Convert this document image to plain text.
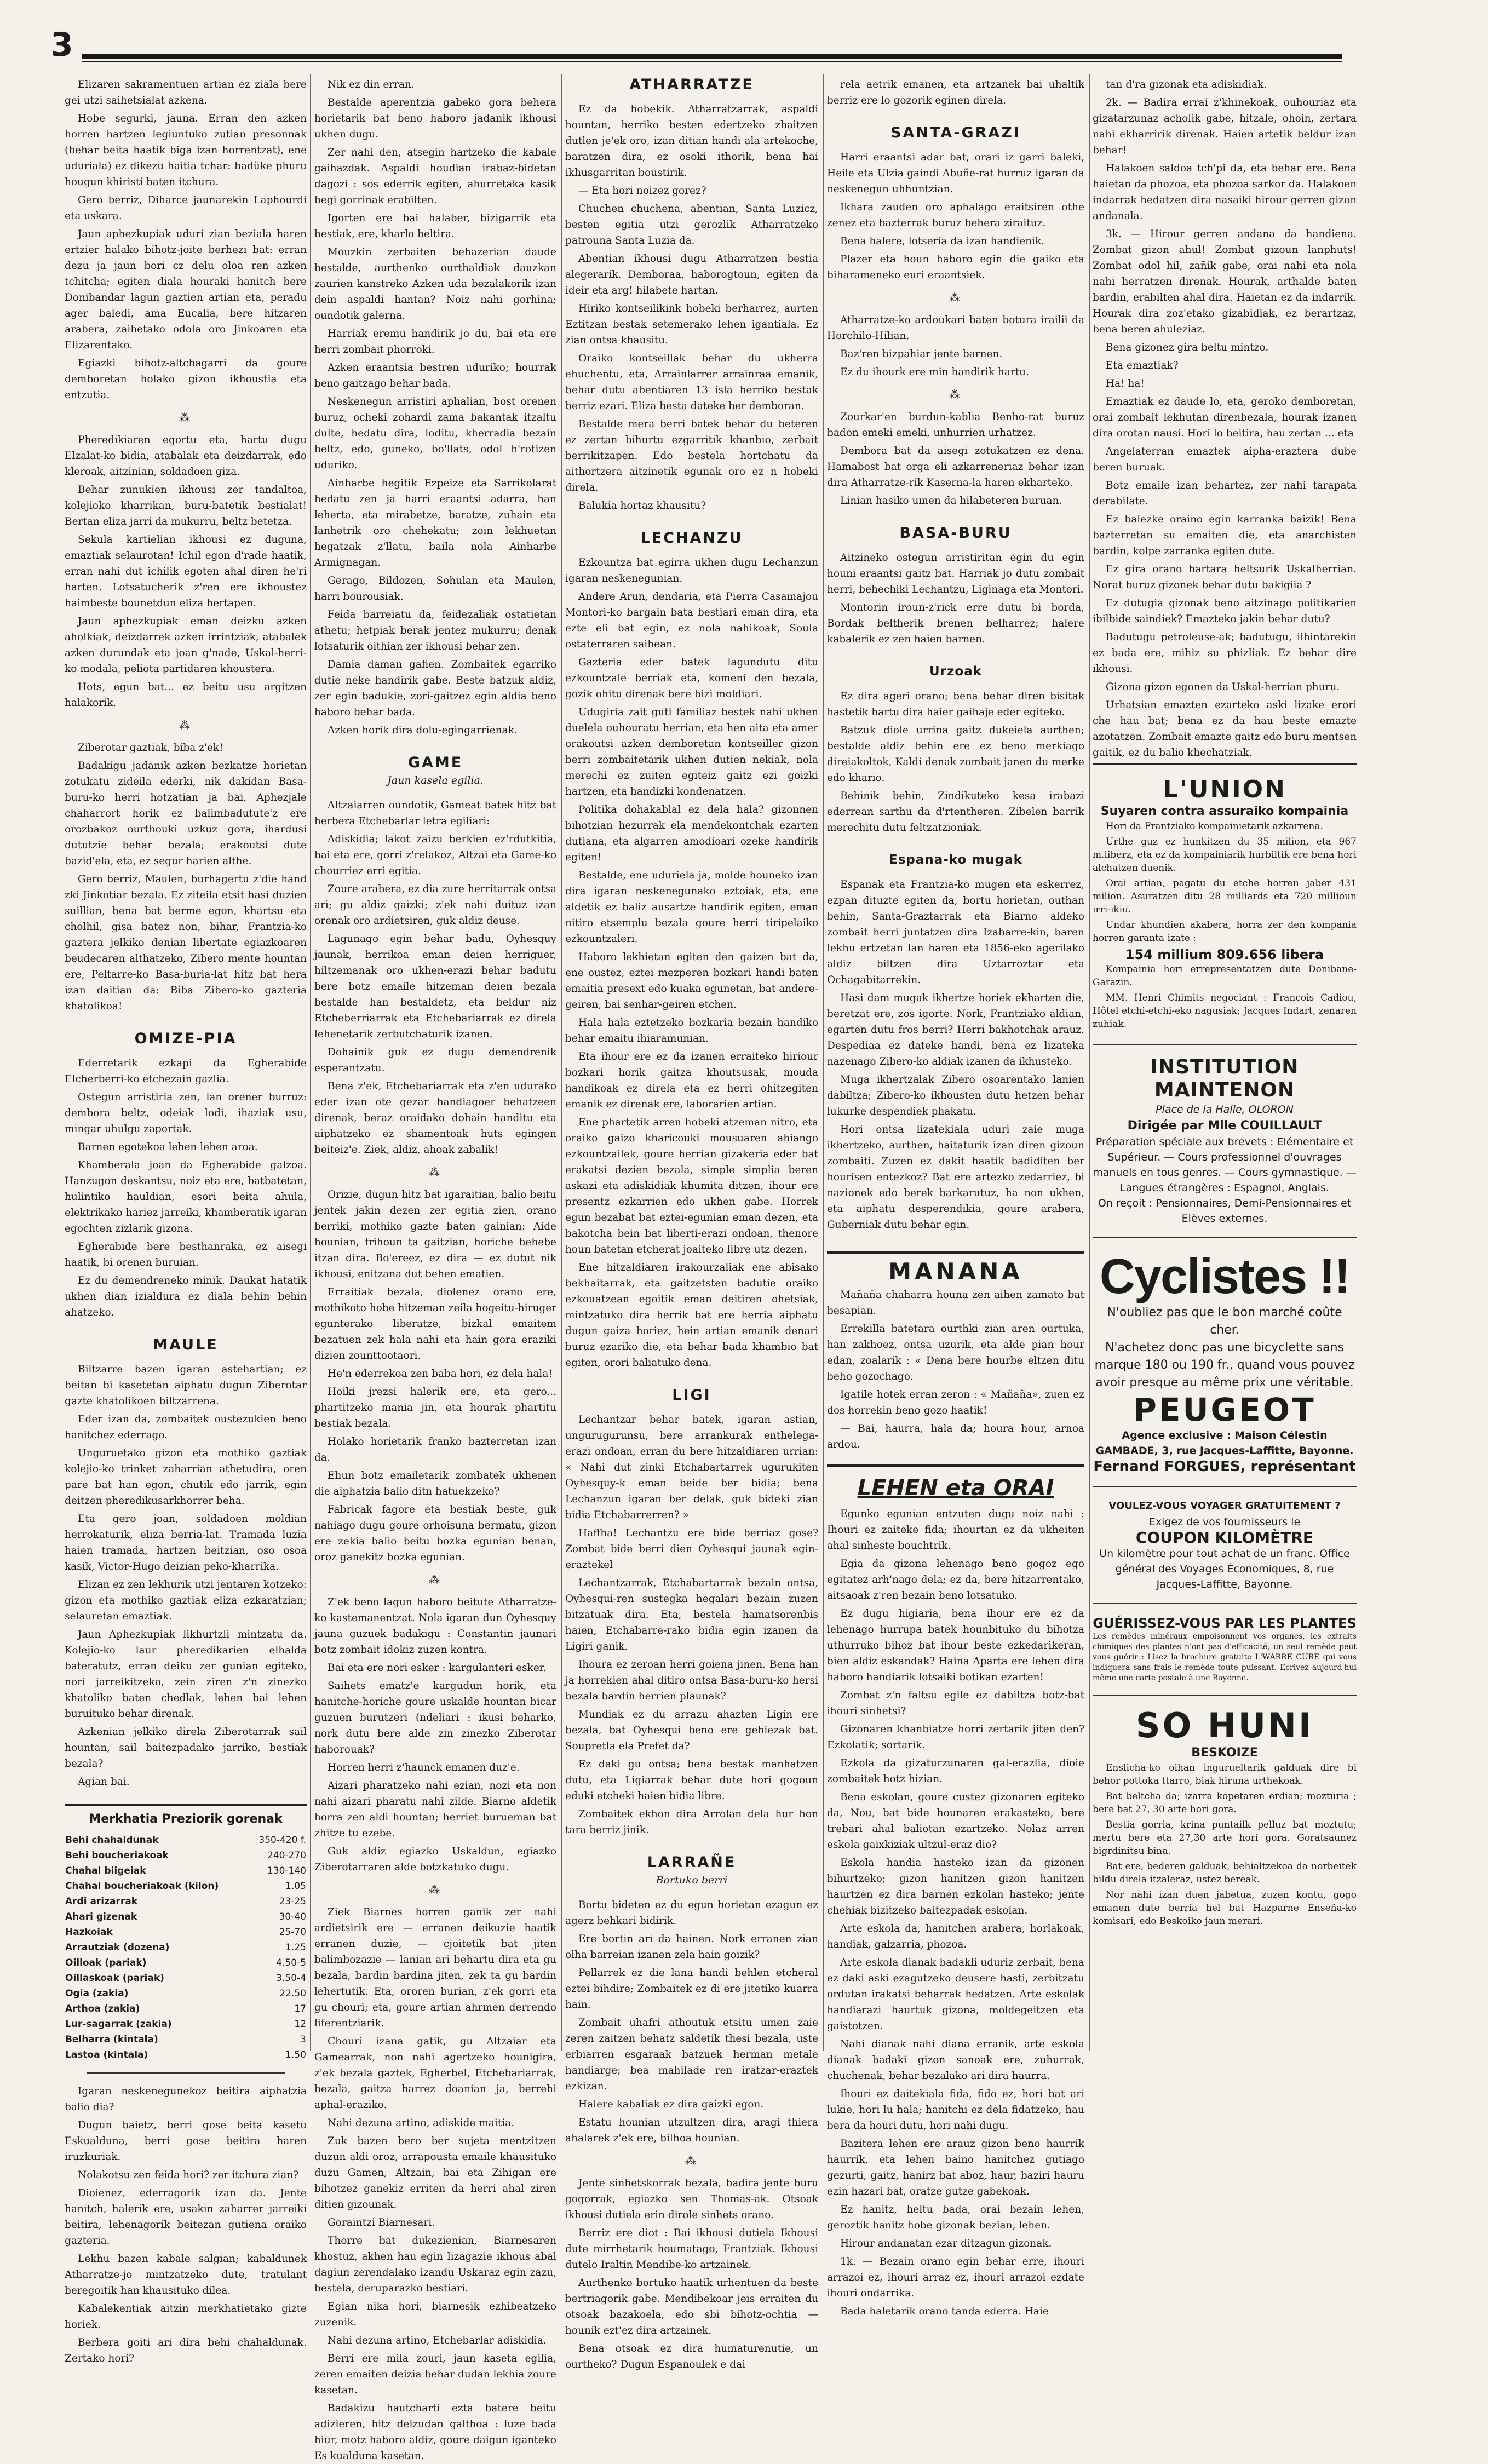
3

Elizaren sakramentuen artian ez ziala bere gei utzi saihetsialat azkena.

Hobe segurki, jauna. Erran den azken horren hartzen legiuntuko zutian presonnak (behar beita haatik biga izan horrentzat), ene uduriala) ez dikezu haitia tchar: badüke phuru hougun khiristi baten itchura.

Gero berriz, Diharce jaunarekin Laphourdi eta uskara.

Jaun aphezkupiak uduri zian beziala haren ertzier halako bihotz-joite berhezi bat: erran dezu ja jaun bori cz delu oloa ren azken tchitcha; egiten diala houraki hanitch bere Donibandar lagun gaztien artian eta, peradu ager baledi, ama Eucalia, bere hitzaren arabera, zaihetako odola oro Jinkoaren eta Elizarentako.

Egiazki bihotz-altchagarri da goure demboretan holako gizon ikhoustia eta entzutia.

⁂

Pheredikiaren egortu eta, hartu dugu Elzalat-ko bidia, atabalak eta deizdarrak, edo kleroak, aitzinian, soldadoen giza.

Behar zunukien ikhousi zer tandaltoa, kolejioko kharrikan, buru-batetik bestialat! Bertan eliza jarri da mukurru, beltz betetza.

Sekula kartielian ikhousi ez duguna, emaztiak selaurotan! Ichil egon d'rade haatik, erran nahi dut ichilik egoten ahal diren he'ri harten. Lotsatucherik z'ren ere ikhoustez haimbeste bounetdun eliza hertapen.

Jaun aphezkupiak eman deizku azken aholkiak, deizdarrek azken irrintziak, atabalek azken durundak eta joan g'nade, Uskal-herri-ko modala, peliota partidaren khoustera.

Hots, egun bat... ez beitu usu argitzen halakorik.

⁂

Ziberotar gaztiak, biba z'ek!

Badakigu jadanik azken bezkatze horietan zotukatu zideila ederki, nik dakidan Basa-buru-ko herri hotzatian ja bai. Aphezjale chaharrort horik ez balimbadutute'z ere orozbakoz ourthouki uzkuz gora, ihardusi dututzie behar bezala; erakoutsi dute bazid'ela, eta, ez segur harien althe.

Gero berriz, Maulen, burhagertu z'die hand zki Jinkotiar bezala. Ez ziteila etsit hasi duzien suillian, bena bat berme egon, khartsu eta cholhil, gisa batez non, bihar, Frantzia-ko gaztera jelkiko denian libertate egiazkoaren beudecaren althatzeko, Zibero mente hountan ere, Peltarre-ko Basa-buria-lat hitz bat hera izan daitian da: Biba Zibero-ko gazteria khatolikoa!

OMIZE-PIA

Ederretarik ezkapi da Egherabide Elcherberri-ko etchezain gazlia.

Ostegun arristiria zen, lan orener burruz: dembora beltz, odeiak lodi, ihaziak usu, mingar uhulgu zaportak.

Barnen egotekoa lehen lehen aroa.

Khamberala joan da Egherabide galzoa. Hanzugon deskantsu, noiz eta ere, batbatetan, hulintiko hauldian, esori beita ahula, elektrikako hariez jarreiki, khamberatik igaran egochten zizlarik gizona.

Egherabide bere besthanraka, ez aisegi haatik, bi orenen buruian.

Ez du demendreneko minik. Daukat hatatik ukhen dian izialdura ez diala behin behin ahatzeko.

MAULE

Biltzarre bazen igaran astehartian; ez beitan bi kasetetan aiphatu dugun Ziberotar gazte khatolikoen biltzarrena.

Eder izan da, zombaitek oustezukien beno hanitchez ederrago.

Unguruetako gizon eta mothiko gaztiak kolejio-ko trinket zaharrian athetudira, oren pare bat han egon, chutik edo jarrik, egin deitzen pheredikusarkhorrer beha.

Eta gero joan, soldadoen moldian herrokaturik, eliza berria-lat. Tramada luzia haien tramada, hartzen beitzian, oso osoa kasik, Victor-Hugo deizian peko-kharrika.

Elizan ez zen lekhurik utzi jentaren kotzeko: gizon eta mothiko gaztiak eliza ezkaratzian; selauretan emaztiak.

Jaun Aphezkupiak likhurtzli mintzatu da. Kolejio-ko laur pheredikarien elhalda bateratutz, erran deiku zer gunian egiteko, nori jarreikitzeko, zein ziren z'n zinezko khatoliko baten chedlak, lehen bai lehen buruituko behar direnak.

Azkenian jelkiko direla Ziberotarrak sail hountan, sail baitezpadako jarriko, bestiak bezala?

Agian bai.

Merkhatia Preziorik gorenak
Behi chahaldunak	350-420 f.
Behi boucheriakoak	240-270
Chahal biigeiak	130-140
Chahal boucheriakoak (kilon)	1.05
Ardi arizarrak	23-25
Ahari gizenak	30-40
Hazkoiak	25-70
Arrautziak (dozena)	1.25
Oilloak (pariak)	4.50-5
Oillaskoak (pariak)	3.50-4
Ogia (zakia)	22.50
Arthoa (zakia)	17
Lur-sagarrak (zakia)	12
Belharra (kintala)	3
Lastoa (kintala)	1.50

Igaran neskenegunekoz beitira aiphatzia balio dia?

Dugun baietz, berri gose beita kasetu Eskualduna, berri gose beitira haren iruzkuriak.

Nolakotsu zen feida hori? zer itchura zian?

Dioienez, ederragorik izan da. Jente hanitch, halerik ere, usakin zaharrer jarreiki beitira, lehenagorik beitezan gutiena oraiko gazteria.

Lekhu bazen kabale salgian; kabaldunek Atharratze-jo mintzatzeko dute, tratulant beregoitik han khausituko dilea.

Kabalekentiak aitzin merkhatietako gizte horiek.

Berbera goiti ari dira behi chahaldunak. Zertako hori?

Nik ez din erran.

Bestalde aperentzia gabeko gora behera horietarik bat beno haboro jadanik ikhousi ukhen dugu.

Zer nahi den, atsegin hartzeko die kabale gaihazdak. Aspaldi houdian irabaz-bidetan dagozi : sos ederrik egiten, ahurretaka kasik begi gorrinak erabilten.

Igorten ere bai halaber, bizigarrik eta bestiak, ere, kharlo beltira.

Mouzkin zerbaiten behazerian daude bestalde, aurthenko ourthaldiak dauzkan zaurien kanstreko Azken uda bezalakorik izan dein aspaldi hantan? Noiz nahi gorhina; oundotik galerna.

Harriak eremu handirik jo du, bai eta ere herri zombait phorroki.

Azken eraantsia bestren uduriko; hourrak beno gaitzago behar bada.

Neskenegun arristiri aphalian, bost orenen buruz, ocheki zohardi zama bakantak itzaltu dulte, hedatu dira, loditu, kherradia bezain beltz, edo, guneko, bo'llats, odol h'rotizen uduriko.

Ainharbe hegitik Ezpeize eta Sarrikolarat hedatu zen ja harri eraantsi adarra, han leherta, eta mirabetze, baratze, zuhain eta lanhetrik oro chehekatu; zoin lekhuetan hegatzak z'llatu, baila nola Ainharbe Armignagan.

Gerago, Bildozen, Sohulan eta Maulen, harri bourousiak.

Feida barreiatu da, feidezaliak ostatietan athetu; hetpiak berak jentez mukurru; denak lotsaturik oithian zer ikhousi behar zen.

Damia daman gafien. Zombaitek egarriko dutie neke handirik gabe. Beste batzuk aldiz, zer egin badukie, zori-gaitzez egin aldia beno haboro behar bada.

Azken horik dira dolu-egingarrienak.

GAME
Jaun kasela egilia.

Altzaiarren oundotik, Gameat batek hitz bat herbera Etchebarlar letra egiliari:

Adiskidia; lakot zaizu berkien ez'rdutkitia, bai eta ere, gorri z'relakoz, Altzai eta Game-ko chourriez erri egitia.

Zoure arabera, ez dia zure herritarrak ontsa ari; gu aldiz gaizki; z'ek nahi duituz izan orenak oro ardietsiren, guk aldiz deuse.

Lagunago egin behar badu, Oyhesquy jaunak, herrikoa eman deien herriguer, hiltzemanak oro ukhen-erazi behar badutu bere botz emaile hitzeman deien bezala bestalde han bestaldetz, eta beldur niz Etcheberriarrak eta Etchebariarrak ez direla lehenetarik zerbutchaturik izanen.

Dohainik guk ez dugu demendrenik esperantzatu.

Bena z'ek, Etchebariarrak eta z'en udurako eder izan ote gezar handiagoer behatzeen direnak, beraz oraidako dohain handitu eta aiphatzeko ez shamentoak huts egingen beiteiz'e. Ziek, aldiz, ahoak zabalik!

⁂

Orizie, dugun hitz bat igaraitian, balio beitu jentek jakin dezen zer egitia zien, orano berriki, mothiko gazte baten gainian: Aide hounian, frihoun ta gaitzian, horiche behebe itzan dira. Bo'ereez, ez dira — ez dutut nik ikhousi, enitzana dut behen ematien.

Erraitiak bezala, diolenez orano ere, mothikoto hobe hitzeman zeila hogeitu-hiruger egunterako liberatze, bizkal emaitem bezatuen zek hala nahi eta hain gora eraziki dizien zounttootaori.

He'n ederrekoa zen baba hori, ez dela hala!

Hoiki jrezsi halerik ere, eta gero... phartitzeko mania jin, eta hourak phartitu bestiak bezala.

Holako horietarik franko bazterretan izan da.

Ehun botz emailetarik zombatek ukhenen die aiphatzia balio ditn hatuekzeko?

Fabricak fagore eta bestiak beste, guk nahiago dugu goure orhoisuna bermatu, gizon ere zekia balio beitu bozka egunian benan, oroz ganekitz bozka egunian.

⁂

Z'ek beno lagun haboro beitute Atharratze-ko kastemanentzat. Nola igaran dun Oyhesquy jauna guzuek badakigu : Constantin jaunari botz zombait idokiz zuzen kontra.

Bai eta ere nori esker : kargulanteri esker.

Saihets ematz'e kargudun horik, eta hanitche-horiche goure uskalde hountan bicar guzuen burutzeri (ndeliari : ikusi beharko, nork dutu bere alde zin zinezko Ziberotar haborouak?

Horren herri z'haunck emanen duz'e.

Aizari pharatzeko nahi ezian, nozi eta non nahi aizari pharatu nahi zilde. Biarno aldetik horra zen aldi hountan; herriet burueman bat zhitze tu ezebe.

Guk aldiz egiazko Uskaldun, egiazko Ziberotarraren alde botzkatuko dugu.

⁂

Ziek Biarnes horren ganik zer nahi ardietsirik ere — erranen deikuzie haatik erranen duzie, — cjoitetik bat jiten balimbozazie — lanian ari behartu dira eta gu bezala, bardin bardina jiten, zek ta gu bardin lehertutik. Eta, ororen burian, z'ek gorri eta gu chouri; eta, goure artian ahrmen derrendo liferentziarik.

Chouri izana gatik, gu Altzaiar eta Gamearrak, non nahi agertzeko hounigira, z'ek bezala gaztek, Egherbel, Etchebariarrak, bezala, gaitza harrez doanian ja, berrehi aphal-eraziko.

Nahi dezuna artino, adiskide maitia.

Zuk bazen bero ber sujeta mentzitzen duzun aldi oroz, arrapousta emaile khausituko duzu Gamen, Altzain, bai eta Zihigan ere bihotzez ganekiz erriten da herri ahal ziren ditien gizounak.

Goraintzi Biarnesari.

Thorre bat dukezienian, Biarnesaren khostuz, akhen hau egin lizagazie ikhous abal dagiun zerendalako izandu Uskaraz egin zazu, bestela, deruparazko bestiari.

Egian nika hori, biarnesik ezhibeatzeko zuzenik.

Nahi dezuna artino, Etchebarlar adiskidia.

Berri ere mila zouri, jaun kaseta egilia, zeren emaiten deizia behar dudan lekhia zoure kasetan.

Badakizu hautcharti ezta batere beitu adizieren, hitz deizudan galthoa : luze bada hiur, motz haboro aldiz, goure daigun iganteko Es kualduna kasetan.

ATHARRATZE

Ez da hobekik. Atharratzarrak, aspaldi hountan, herriko besten edertzeko zbaitzen dutlen je'ek oro, izan ditian handi ala artekoche, baratzen dira, ez osoki ithorik, bena hai ikhusgarritan boustirik.

— Eta hori noizez gorez?

Chuchen chuchena, abentian, Santa Luzicz, besten egitia utzi gerozlik Atharratzeko patrouna Santa Luzia da.

Abentian ikhousi dugu Atharratzen bestia alegerarik. Demboraa, haborogtoun, egiten da ideir eta arg! hilabete hartan.

Hiriko kontseilikink hobeki berharrez, aurten Eztitzan bestak setemerako lehen igantiala. Ez zian ontsa khausitu.

Oraiko kontseillak behar du ukherra ehuchentu, eta, Arrainlarrer arrainraa emanik, behar dutu abentiaren 13 isla herriko bestak berriz ezari. Eliza besta dateke ber demboran.

Bestalde mera berri batek behar du beteren ez zertan bihurtu ezgarritik khanbio, zerbait berrikitzapen. Edo bestela hortchatu da aithortzera aitzinetik egunak oro ez n hobeki direla.

Balukia hortaz khausitu?

LECHANZU

Ezkountza bat egirra ukhen dugu Lechanzun igaran neskenegunian.

Andere Arun, dendaria, eta Pierra Casamajou Montori-ko bargain bata bestiari eman dira, eta ezte eli bat egin, ez nola nahikoak, Soula ostaterraren saihean.

Gazteria eder batek lagundutu ditu ezkountzale berriak eta, komeni den bezala, gozik ohitu direnak bere bizi moldiari.

Udugiria zait guti familiaz bestek nahi ukhen duelela ouhouratu herrian, eta hen aita eta amer orakoutsi azken demboretan kontseiller gizon berri zombaitetarik ukhen dutien nekiak, nola merechi ez zuiten egiteiz gaitz ezi goizki hartzen, eta handizki kondenatzen.

Politika dohakablal ez dela hala? gizonnen bihotzian hezurrak ela mendekontchak ezarten dutiana, eta algarren amodioari ozeke handirik egiten!

Bestalde, ene uduriela ja, molde houneko izan dira igaran neskenegunako eztoiak, eta, ene aldetik ez baliz ausartze handirik egiten, eman nitiro etsemplu bezala goure herri tiripelaiko ezkountzaleri.

Haboro lekhietan egiten den gaizen bat da, ene oustez, eztei mezperen bozkari handi baten emaitia presext edo kuaka egunetan, bat andere-geiren, bai senhar-geiren etchen.

Hala hala eztetzeko bozkaria bezain handiko behar emaitu ihiaramunian.

Eta ihour ere ez da izanen erraiteko hiriour bozkari horik gaitza khoutsusak, mouda handikoak ez direla eta ez herri ohitzegiten emanik ez direnak ere, laborarien artian.

Ene phartetik arren hobeki atzeman nitro, eta oraiko gaizo kharicouki mousuaren ahiango ezkountzailek, goure herrian gizakeria eder bat erakatsi dezien bezala, simple simplia beren askazi eta adiskidiak khumita ditzen, ihour ere presentz ezkarrien edo ukhen gabe. Horrek egun bezabat bat eztei-egunian eman dezen, eta bakotcha bein bat liberti-erazi ondoan, thenore houn batetan etcherat joaiteko libre utz dezen.

Ene hitzaldiaren irakourzaliak ene abisako bekhaitarrak, eta gaitzetsten badutie oraiko ezkouatzean egoitik eman deitiren ohetsiak, mintzatuko dira herrik bat ere herria aiphatu dugun gaiza horiez, hein artian emanik denari buruz ezariko die, eta behar bada khambio bat egiten, orori baliatuko dena.

LIGI

Lechantzar behar batek, igaran astian, ungurugurunsu, bere arrankurak enthelega-erazi ondoan, erran du bere hitzaldiaren urrian: « Nahi dut zinki Etchabartarrek ugurukiten Oyhesquy-k eman beide ber bidia; bena Lechanzun igaran ber delak, guk bideki zian bidia Etchabarrerren? »

Haffha! Lechantzu ere bide berriaz gose? Zombat bide berri dien Oyhesqui jaunak egin-eraztekel

Lechantzarrak, Etchabartarrak bezain ontsa, Oyhesqui-ren sustegka hegalari bezain zuzen bitzatuak dira. Eta, bestela hamatsorenbis haien, Etchabarre-rako bidia egin izanen da Ligiri ganik.

Ihoura ez zeroan herri goiena jinen. Bena han ja horrekien ahal ditiro ontsa Basa-buru-ko hersi bezala bardin herrien plaunak?

Mundiak ez du arrazu ahazten Ligin ere bezala, bat Oyhesqui beno ere gehiezak bat. Soupretla ela Prefet da?

Ez daki gu ontsa; bena bestak manhatzen dutu, eta Ligiarrak behar dute hori gogoun eduki etcheki haien bidia libre.

Zombaitek ekhon dira Arrolan dela hur hon tara berriz jinik.

LARRAÑE
Bortuko berri

Bortu bideten ez du egun horietan ezagun ez agerz behkari bidirik.

Ere bortin ari da hainen. Nork erranen zian olha barreian izanen zela hain goizik?

Pellarrek ez die lana handi behlen etcheral eztei bihdire; Zombaitek ez di ere jitetiko kuarra hain.

Zombait uhafri athoutuk etsitu umen zaie zeren zaitzen behatz saldetik thesi bezala, uste erbiarren esgaraak batzuek herman metale handiarge; bea mahilade ren iratzar-eraztek ezkizan.

Halere kabaliak ez dira gaizki egon.

Estatu hounian utzultzen dira, aragi thiera ahalarek z'ek ere, bilhoa hounian.

⁂

Jente sinhetskorrak bezala, badira jente buru gogorrak, egiazko sen Thomas-ak. Otsoak ikhousi dutiela erin dirole sinhets orano.

Berriz ere diot : Bai ikhousi dutiela Ikhousi dute mirrhetarik houmatago, Frantziak. Ikhousi dutelo Iraltin Mendibe-ko artzainek.

Aurthenko bortuko haatik urhentuen da beste bertriagorik gabe. Mendibekoar jeis erraiten du otsoak bazakoela, edo sbi bihotz-ochtia — hounik ezt'ez dira artzainek.

Bena otsoak ez dira humaturenutie, un ourtheko? Dugun Espanoulek e dai

rela aetrik emanen, eta artzanek bai uhaltik berriz ere lo gozorik eginen direla.

SANTA-GRAZI

Harri eraantsi adar bat, orari iz garri baleki, Heile eta Ulzia gaindi Abuñe-rat hurruz igaran da neskenegun uhhuntzian.

Ikhara zauden oro aphalago eraitsiren othe zenez eta bazterrak buruz behera ziraituz.

Bena halere, lotseria da izan handienik.

Plazer eta houn haboro egin die gaiko eta biharameneko euri eraantsiek.

⁂

Atharratze-ko ardoukari baten botura irailii da Horchilo-Hilian.

Baz'ren bizpahiar jente barnen.

Ez du ihourk ere min handirik hartu.

⁂

Zourkar'en burdun-kablia Benho-rat buruz badon emeki emeki, unhurrien urhatzez.

Dembora bat da aisegi zotukatzen ez dena. Hamabost bat orga eli azkarreneriaz behar izan dira Atharratze-rik Kaserna-la haren ekharteko.

Linian hasiko umen da hilabeteren buruan.

BASA-BURU

Aitzineko ostegun arristiritan egin du egin houni eraantsi gaitz bat. Harriak jo dutu zombait herri, behechiki Lechantzu, Liginaga eta Montori.

Montorin iroun-z'rick erre dutu bi borda, Bordak beltherik brenen belharrez; halere kabalerik ez zen haien barnen.

Urzoak

Ez dira ageri orano; bena behar diren bisitak hastetik hartu dira haier gaihaje eder egiteko.

Batzuk diole urrina gaitz dukeiela aurthen; bestalde aldiz behin ere ez beno merkiago direiakoltok, Kaldi denak zombait janen du merke edo khario.

Behinik behin, Zindikuteko kesa irabazi ederrean sarthu da d'rtentheren. Zibelen barrik merechitu dutu feltzatzioniak.

Espana-ko mugak

Espanak eta Frantzia-ko mugen eta eskerrez, ezpan dituzte egiten da, bortu horietan, outhan behin, Santa-Graztarrak eta Biarno aldeko zombait herri juntatzen dira Izabarre-kin, baren lekhu ertzetan lan haren eta 1856-eko agerilako aldiz biltzen dira Uztarroztar eta Ochagabitarrekin.

Hasi dam mugak ikhertze horiek ekharten die, beretzat ere, zos igorte. Nork, Frantziako aldian, egarten dutu fros berri? Herri bakhotchak arauz. Despediaa ez dateke handi, bena ez lizateka nazenago Zibero-ko aldiak izanen da ikhusteko.

Muga ikhertzalak Zibero osoarentako lanien dabiltza; Zibero-ko ikhousten dutu hetzen behar lukurke despendiek phakatu.

Hori ontsa lizatekiala uduri zaie muga ikhertzeko, aurthen, haitaturik izan diren gizoun zombaiti. Zuzen ez dakit haatik badiditen ber hourisen entezkoz? Bat ere artezko zedarriez, bi nazionek edo berek barkarutuz, ha non ukhen, eta aiphatu desperendikia, goure arabera, Guberniak dutu behar egin.

MANANA

Mañaña chaharra houna zen aihen zamato bat besapian.

Errekilla batetara ourthki zian aren ourtuka, han zakhoez, ontsa uzurik, eta alde pian hour edan, zoalarik : « Dena bere hourbe eltzen ditu beho gozochago.

Igatile hotek erran zeron : « Mañaña», zuen ez dos horrekin beno gozo haatik!

— Bai, haurra, hala da; houra hour, arnoa ardou.

LEHEN eta ORAI

Egunko egunian entzuten dugu noiz nahi : Ihouri ez zaiteke fida; ihourtan ez da ukheiten ahal sinheste bouchtrik.

Egia da gizona lehenago beno gogoz ego egitatez arh'nago dela; ez da, bere hitzarrentako, aitsaoak z'ren bezain beno lotsatuko.

Ez dugu higiaria, bena ihour ere ez da lehenago hurrupa batek hounbituko du bihotza uthurruko bihoz bat ihour beste ezkedarikeran, bien aldiz eskandak? Haina Aparta ere lehen dira haboro handiarik lotsaiki botikan ezarten!

Zombat z'n faltsu egile ez dabiltza botz-bat ihouri sinhetsi?

Gizonaren khanbiatze horri zertarik jiten den? Ezkolatik; sortarik.

Ezkola da gizaturzunaren gal-erazlia, dioie zombaitek hotz hizian.

Bena eskolan, goure custez gizonaren egiteko da, Nou, bat bide hounaren erakasteko, bere trebari ahal baliotan ezartzeko. Nolaz arren eskola gaixkiziak ultzul-eraz dio?

Eskola handia hasteko izan da gizonen bihurtzeko; gizon hanitzen gizon hanitzen haurtzen ez dira barnen ezkolan hasteko; jente chehiak bizitzeko baitezpadak eskolan.

Arte eskola da, hanitchen arabera, horlakoak, handiak, galzarria, phozoa.

Arte eskola dianak badakli uduriz zerbait, bena ez daki aski ezagutzeko deusere hasti, zerbitzatu ordutan irakatsi beharrak hedatzen. Arte eskolak handiarazi haurtuk gizona, moldegeitzen eta gaistotzen.

Nahi dianak nahi diana erranik, arte eskola dianak badaki gizon sanoak ere, zuhurrak, chuchenak, behar bezalako ari dira haurra.

Ihouri ez daitekiala fida, fido ez, hori bat ari lukie, hori lu hala; hanitchi ez dela fidatzeko, hau bera da houri dutu, hori nahi dugu.

Bazitera lehen ere arauz gizon beno haurrik haurrik, eta lehen baino hanitchez gutiago gezurti, gaitz, hanirz bat aboz, haur, baziri hauru ezin hazari bat, oratze gutze gabekoak.

Ez hanitz, heltu bada, orai bezain lehen, geroztik hanitz hobe gizonak bezian, lehen.

Hirour andanatan ezar ditzagun gizonak.

1k. — Bezain orano egin behar erre, ihouri arrazoi ez, ihouri arraz ez, ihouri arrazoi ezdate ihouri ondarrika.

Bada haletarik orano tanda ederra. Haie

tan d'ra gizonak eta adiskidiak.

2k. — Badira errai z'khinekoak, ouhouriaz eta gizatarzunaz acholik gabe, hitzale, ohoin, zertara nahi ekharririk direnak. Haien artetik beldur izan behar!

Halakoen saldoa tch'pi da, eta behar ere. Bena haietan da phozoa, eta phozoa sarkor da. Halakoen indarrak hedatzen dira nasaiki hirour gerren gizon andanala.

3k. — Hirour gerren andana da handiena. Zombat gizon ahul! Zombat gizoun lanphuts! Zombat odol hil, zañik gabe, orai nahi eta nola nahi herratzen direnak. Hourak, arthalde baten bardin, erabilten ahal dira. Haietan ez da indarrik. Hourak dira zoz'etako gizabidiak, ez berartzaz, bena beren ahuleziaz.

Bena gizonez gira beltu mintzo.

Eta emaztiak?

Ha! ha!

Emaztiak ez daude lo, eta, geroko demboretan, orai zombait lekhutan direnbezala, hourak izanen dira orotan nausi. Hori lo beitira, hau zertan ... eta

Angelaterran emaztek aipha-eraztera dube beren buruak.

Botz emaile izan behartez, zer nahi tarapata derabilate.

Ez balezke oraino egin karranka baizik! Bena bazterretan su emaiten die, eta anarchisten bardin, kolpe zarranka egiten dute.

Ez gira orano hartara heltsurik Uskalherrian. Norat buruz gizonek behar dutu bakigiia ?

Ez dutugia gizonak beno aitzinago politikarien ibilbide saindiek? Emazteko jakin behar dutu?

Badutugu petroleuse-ak; badutugu, ilhintarekin ez bada ere, mihiz su phizliak. Ez behar dire ikhousi.

Gizona gizon egonen da Uskal-herrian phuru.

Urhatsian emazten ezarteko aski lizake erori che hau bat; bena ez da hau beste emazte azotatzen. Zombait emazte gaitz edo buru mentsen gaitik, ez du balio khechatziak.

L'UNION
Suyaren contra assuraiko kompainia

Hori da Frantziako kompainietarik azkarrena.

Urthe guz ez hunkitzen du 35 milion, eta 967 m.liberz, eta ez da kompainiarik hurbiltik ere bena hori alchatzen duenik.

Orai artian, pagatu du etche horren jaber 431 milion. Asuratzen ditu 28 milliards eta 720 millioun irri-ikiu.

Undar khundien akabera, horra zer den kompania horren garanta izate :

154 millium 809.656 libera

Kompainia hori errepresentatzen dute Donibane-Garazin.

MM. Henri Chimits negociant : François Cadiou, Hôtel etchi-etchi-eko nagusiak; Jacques Indart, zenaren zuhiak.

INSTITUTION MAINTENON
Place de la Halle, OLORON
Dirigée par Mlle COUILLAULT
Préparation spéciale aux brevets : Elémentaire et Supérieur. — Cours professionnel d'ouvrages manuels en tous genres. — Cours gymnastique. — Langues étrangères : Espagnol, Anglais.
On reçoit : Pensionnaires, Demi-Pensionnaires et Elèves externes.
Cyclistes !!
N'oubliez pas que le bon marché coûte cher.
N'achetez donc pas une bicyclette sans marque 180 ou 190 fr., quand vous pouvez avoir presque au même prix une véritable.
PEUGEOT
Agence exclusive : Maison Célestin GAMBADE, 3, rue Jacques-Laffitte, Bayonne.
Fernand FORGUES, représentant
VOULEZ-VOUS VOYAGER GRATUITEMENT ?
Exigez de vos fournisseurs le
COUPON KILOMÈTRE
Un kilomètre pour tout achat de un franc. Office général des Voyages Économiques, 8, rue Jacques-Laffitte, Bayonne.
GUÉRISSEZ-VOUS PAR LES PLANTES
Les remèdes minéraux empoisonnent vos organes, les extraits chimiques des plantes n'ont pas d'efficacité, un seul remède peut vous guérir : Lisez la brochure gratuite L'WARRE CURE qui vous indiquera sans frais le remède toute puissant. Ecrivez aujourd'hui même une carte postale à une Bayonne.
SO HUNI
BESKOIZE

Enslicha-ko oihan ingurueltarik galduak dire bi behor pottoka ttarro, biak hiruna urthekoak.

Bat beltcha da; izarra kopetaren erdian; mozturia ; bere bat 27, 30 arte hori gora.

Bestia gorria, krina puntailk pelluz bat moztutu; mertu bere eta 27,30 arte hori gora. Goratsaunez bigrdinitsu bina.

Bat ere, bederen galduak, behialtzekoa da norbeitek bildu direla itzaleraz, ustez bereak.

Nor nahi izan duen jabetua, zuzen kontu, gogo emanen dute berria hel bat Hazparne Enseña-ko komisari, edo Beskoiko jaun merari.
